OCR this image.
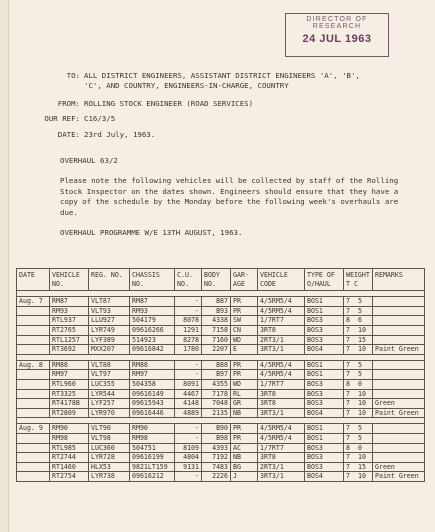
DIRECTOR OF
RESEARCH
24 JUL 1963
TO: ALL DISTRICT ENGINEERS, ASSISTANT DISTRICT ENGINEERS 'A', 'B',
'C', AND COUNTRY, ENGINEERS-IN-CHARGE, COUNTRY
FROM: ROLLING STOCK ENGINEER (ROAD SERVICES)
OUR REF: C16/3/5
DATE: 23rd July, 1963.
OVERHAUL 63/2
Please note the following vehicles will be collected by staff of the Rolling Stock Inspector on the dates shown. Engineers should ensure that they have a copy of the schedule by the Monday before the following week's overhauls are due.
OVERHAUL PROGRAMME W/E 13TH AUGUST, 1963.
DATE	VEHICLE NO.	REG. NO.	CHASSIS NO.	C.U. NO.	BODY NO.	GAR-AGE	VEHICLE CODE	TYPE OF O/HAUL	WEIGHT T C	REMARKS

Aug. 7	RM87	VLT87	RM87	-	B87	PR	4/5RM5/4	BOS1	7 5	
	RM93	VLT93	RM93	-	B93	PR	4/5RM5/4	BOS1	7 5	
	RTL937	LLU927	504179	8078	4338	SW	1/7RT7	BOS3	8 6	
	RT2765	LYR749	09616266	1291	7158	CN	3RT8	BOS3	7 10	
	RTL1257	LYF389	514923	8278	7160	WD	2RT3/1	BOS3	7 15	
	RT3692	MXX207	09616842	1780	2207	E	3RT3/1	BOS4	7 10	Paint Green

Aug. 8	RM88	VLT88	RM88	-	B88	PR	4/5RM5/4	BOS1	7 5	
	RM97	VLT97	RM97	-	B97	PR	4/5RM5/4	BOS1	7 5	
	RTL960	LUC355	504358	8091	4355	WD	1/7RT7	BOS3	8 0	
	RT3325	LYR544	09616149	4467	7178	RL	3RT8	BOS3	7 10	
	RT4178B	LYF257	09615943	4148	7048	GR	3RT8	BOS3	7 10	Green
	RT2809	LYR970	09616446	4889	2135	NB	3RT3/1	BOS4	7 10	Paint Green

Aug. 9	RM90	VLT90	RM90	-	B90	PR	4/5RM5/4	BOS1	7 5	
	RM98	VLT98	RM98	-	B98	PR	4/5RM5/4	BOS1	7 5	
	RTL985	LUC360	504751	8109	4393	AC	1/7RT7	BOS3	8 0	
	RT2744	LYR728	09616199	4804	7192	NB	3RT8	BOS3	7 10	
	RT1460	HLX53	9821LT159	9131	7483	BG	2RT3/1	BOS3	7 15	Green
	RT2754	LYR738	09616212	-	2226	J	3RT3/1	BOS4	7 10	Paint Green
